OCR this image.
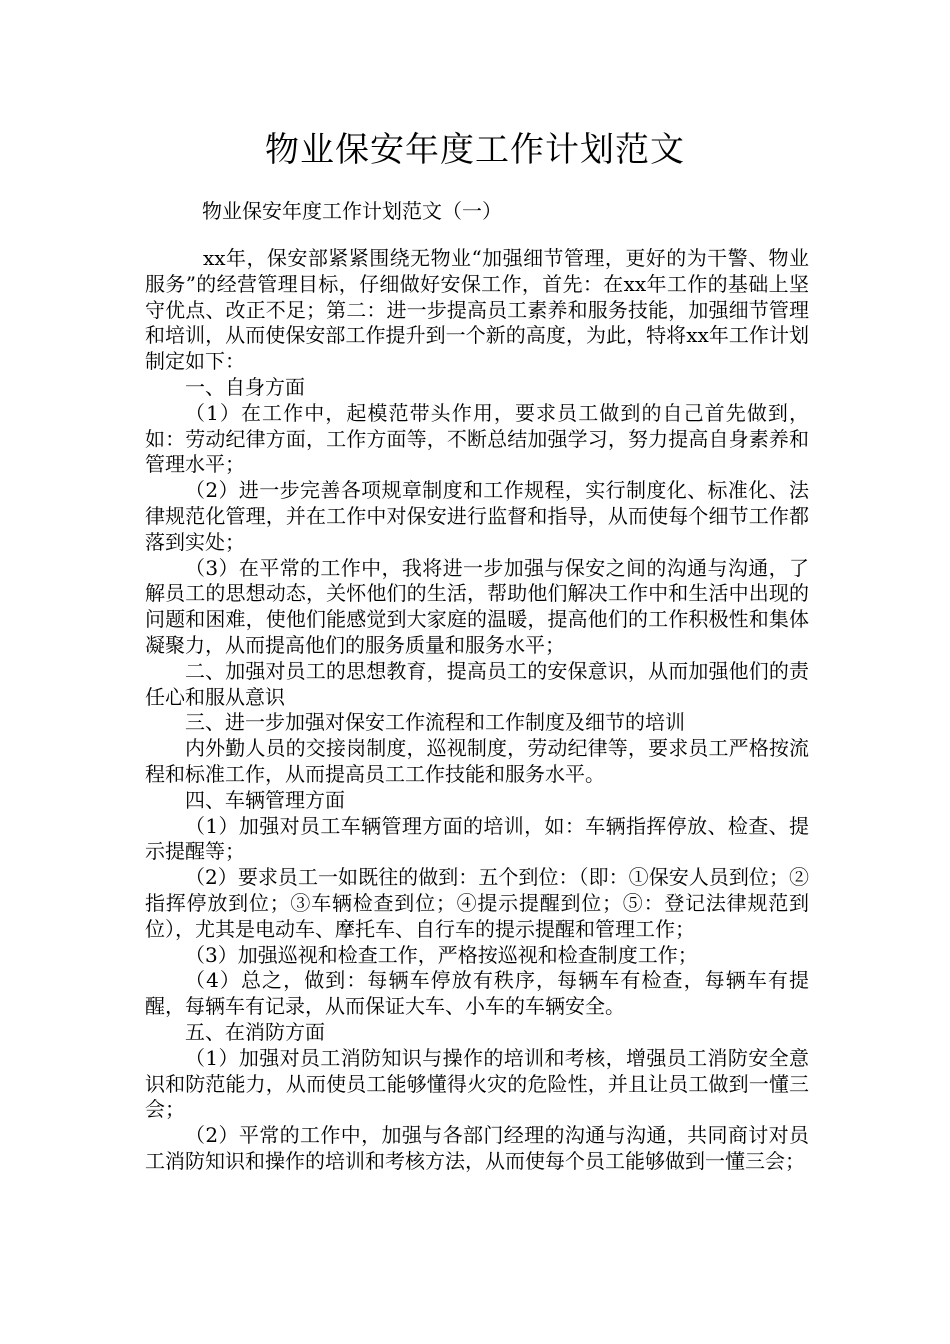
物业保安年度工作计划范文
物业保安年度工作计划范文（一）

xx年，保安部紧紧围绕无物业“加强细节管理，更好的为干警、物业服务”的经营管理目标，仔细做好安保工作，首先：在xx年工作的基础上坚守优点、改正不足；第二：进一步提高员工素养和服务技能，加强细节管理和培训，从而使保安部工作提升到一个新的高度，为此，特将xx年工作计划制定如下：

一、自身方面

（1）在工作中，起模范带头作用，要求员工做到的自己首先做到，如：劳动纪律方面，工作方面等，不断总结加强学习，努力提高自身素养和管理水平；

（2）进一步完善各项规章制度和工作规程，实行制度化、标准化、法律规范化管理，并在工作中对保安进行监督和指导，从而使每个细节工作都落到实处；

（3）在平常的工作中，我将进一步加强与保安之间的沟通与沟通，了解员工的思想动态，关怀他们的生活，帮助他们解决工作中和生活中出现的问题和困难，使他们能感觉到大家庭的温暖，提高他们的工作积极性和集体凝聚力，从而提高他们的服务质量和服务水平；

二、加强对员工的思想教育，提高员工的安保意识，从而加强他们的责任心和服从意识

三、进一步加强对保安工作流程和工作制度及细节的培训

内外勤人员的交接岗制度，巡视制度，劳动纪律等，要求员工严格按流程和标准工作，从而提高员工工作技能和服务水平。

四、车辆管理方面

（1）加强对员工车辆管理方面的培训，如：车辆指挥停放、检查、提示提醒等；

（2）要求员工一如既往的做到：五个到位：（即：①保安人员到位；②指挥停放到位；③车辆检查到位；④提示提醒到位；⑤：登记法律规范到位），尤其是电动车、摩托车、自行车的提示提醒和管理工作；

（3）加强巡视和检查工作，严格按巡视和检查制度工作；

（4）总之，做到：每辆车停放有秩序，每辆车有检查，每辆车有提醒，每辆车有记录，从而保证大车、小车的车辆安全。

五、在消防方面

（1）加强对员工消防知识与操作的培训和考核，增强员工消防安全意识和防范能力，从而使员工能够懂得火灾的危险性，并且让员工做到一懂三会；

（2）平常的工作中，加强与各部门经理的沟通与沟通，共同商讨对员工消防知识和操作的培训和考核方法，从而使每个员工能够做到一懂三会；
